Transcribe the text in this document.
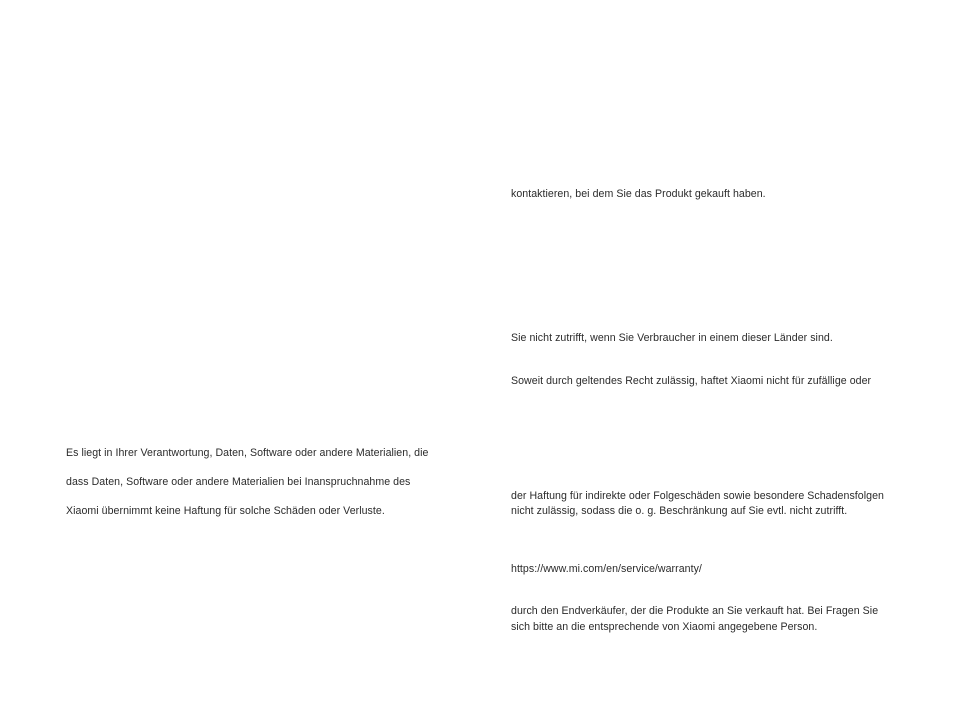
Es liegt in Ihrer Verantwortung, Daten, Software oder andere Materialien, die
dass Daten, Software oder andere Materialien bei Inanspruchnahme des
Xiaomi übernimmt keine Haftung für solche Schäden oder Verluste.
kontaktieren, bei dem Sie das Produkt gekauft haben.
Sie nicht zutrifft, wenn Sie Verbraucher in einem dieser Länder sind.
Soweit durch geltendes Recht zulässig, haftet Xiaomi nicht für zufällige oder
der Haftung für indirekte oder Folgeschäden sowie besondere Schadensfolgen
nicht zulässig, sodass die o. g. Beschränkung auf Sie evtl. nicht zutrifft.
https://www.mi.com/en/service/warranty/
durch den Endverkäufer, der die Produkte an Sie verkauft hat. Bei Fragen Sie
sich bitte an die entsprechende von Xiaomi angegebene Person.
